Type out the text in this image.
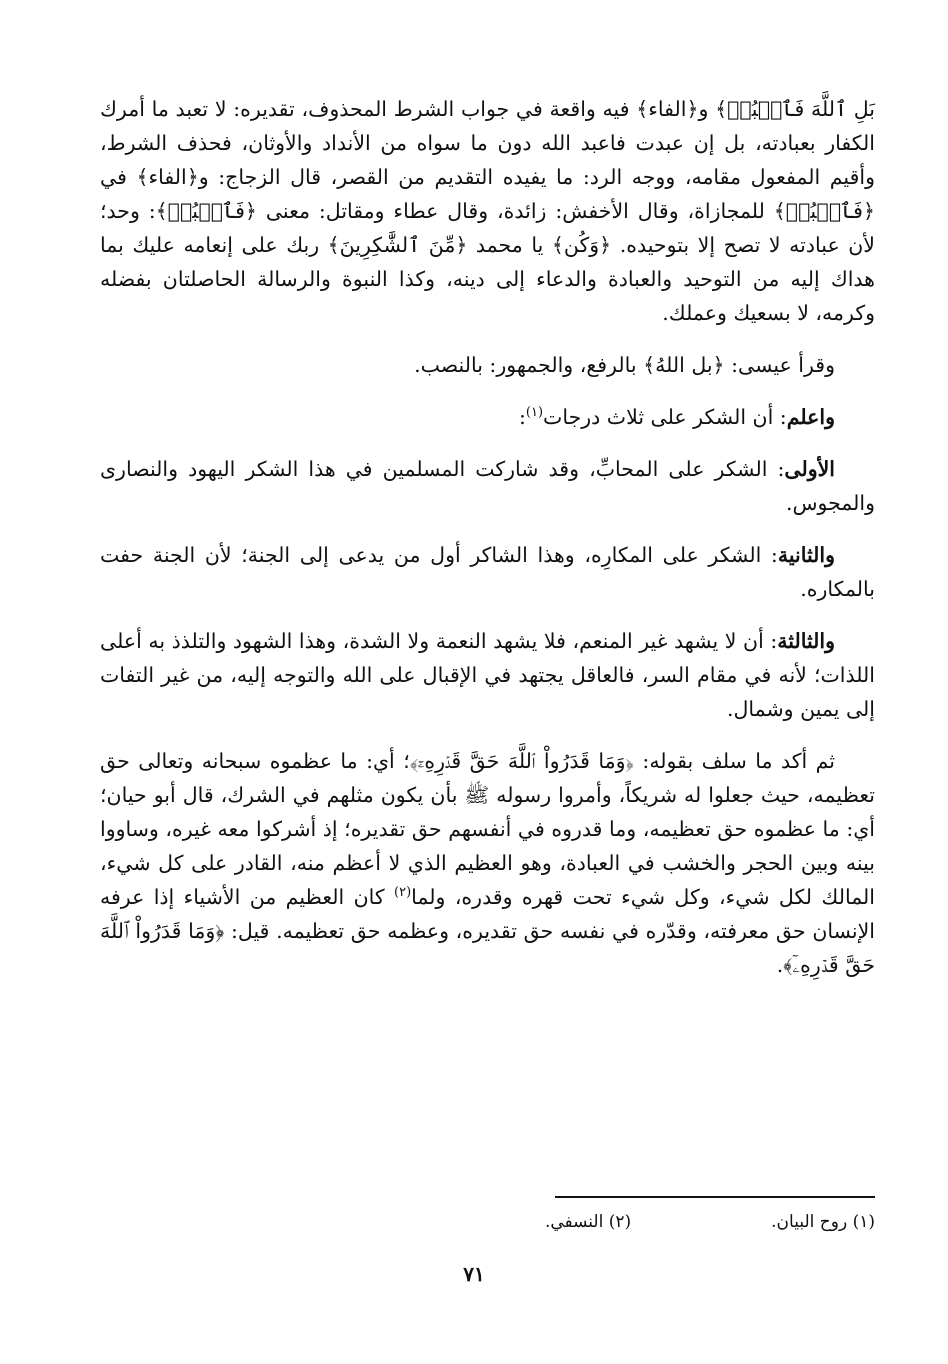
بَلِ ٱللَّهَ فَٱعۡبُدۡ﴾ و﴿الفاء﴾ فيه واقعة في جواب الشرط المحذوف، تقديره: لا تعبد ما أمرك الكفار بعبادته، بل إن عبدت فاعبد الله دون ما سواه من الأنداد والأوثان، فحذف الشرط، وأقيم المفعول مقامه، ووجه الرد: ما يفيده التقديم من القصر، قال الزجاج: و﴿الفاء﴾ في ﴿فَٱعۡبُدۡ﴾ للمجازاة، وقال الأخفش: زائدة، وقال عطاء ومقاتل: معنى ﴿فَٱعۡبُدۡ﴾: وحد؛ لأن عبادته لا تصح إلا بتوحيده. ﴿وَكُن﴾ يا محمد ﴿مِّنَ ٱلشَّٰكِرِينَ﴾ ربك على إنعامه عليك بما هداك إليه من التوحيد والعبادة والدعاء إلى دينه، وكذا النبوة والرسالة الحاصلتان بفضله وكرمه، لا بسعيك وعملك.

وقرأ عيسى: ﴿بل اللهُ﴾ بالرفع، والجمهور: بالنصب.

واعلم: أن الشكر على ثلاث درجات$^{(١)}$:

الأولى: الشكر على المحابِّ، وقد شاركت المسلمين في هذا الشكر اليهود والنصارى والمجوس.

والثانية: الشكر على المكارِه، وهذا الشاكر أول من يدعى إلى الجنة؛ لأن الجنة حفت بالمكاره.

والثالثة: أن لا يشهد غير المنعم، فلا يشهد النعمة ولا الشدة، وهذا الشهود والتلذذ به أعلى اللذات؛ لأنه في مقام السر، فالعاقل يجتهد في الإقبال على الله والتوجه إليه، من غير التفات إلى يمين وشمال.

ثم أكد ما سلف بقوله: ﴿وَمَا قَدَرُواْ ٱللَّهَ حَقَّ قَدۡرِهِۦٓ﴾؛ أي: ما عظموه سبحانه وتعالى حق تعظيمه، حيث جعلوا له شريكاً، وأمروا رسوله ﷺ بأن يكون مثلهم في الشرك، قال أبو حيان؛ أي: ما عظموه حق تعظيمه، وما قدروه في أنفسهم حق تقديره؛ إذ أشركوا معه غيره، وساووا بينه وبين الحجر والخشب في العبادة، وهو العظيم الذي لا أعظم منه، القادر على كل شيء، المالك لكل شيء، وكل شيء تحت قهره وقدره، ولما$^{(٢)}$ كان العظيم من الأشياء إذا عرفه الإنسان حق معرفته، وقدّره في نفسه حق تقديره، وعظمه حق تعظيمه. قيل: ﴿وَمَا قَدَرُواْ ٱللَّهَ حَقَّ قَدۡرِهِۦٓ﴾.

(١) روح البيان.
(٢) النسفي.
٧١
